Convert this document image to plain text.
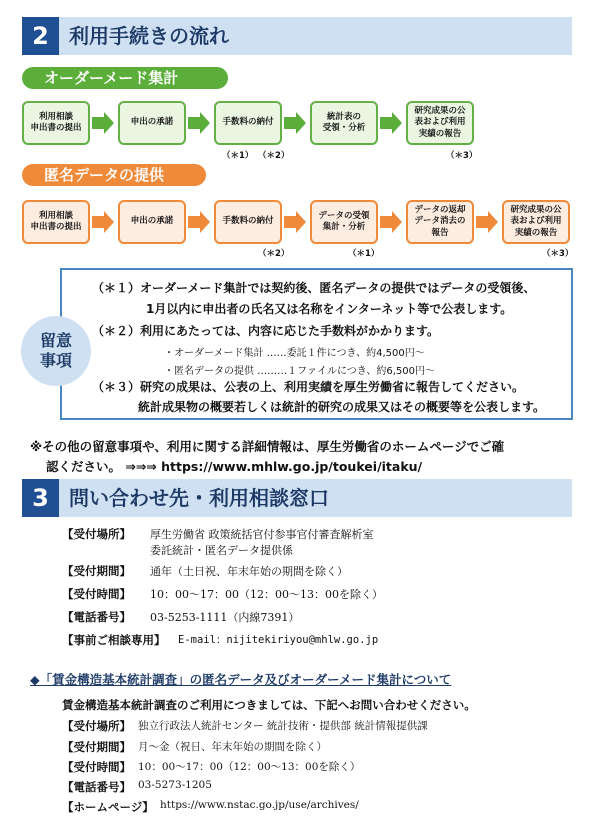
2	利用手続きの流れ
オーダーメード集計
利用相談
申出書の提出
申出の承諾	手数料の納付
統計表の
受領・分析
研究成果の公
表および利用
実績の報告
（＊1） （＊2）	（＊3）
匿名データの提供
利用相談
申出書の提出
申出の承諾	手数料の納付
データの受領
集計・分析
データの返却
データ消去の
報告
研究成果の公
表および利用
実績の報告
（＊2）	（＊1）	（＊3）
留意
事項
（＊１）オーダーメード集計では契約後、匿名データの提供ではデータの受領後、
1月以内に申出者の氏名又は名称をインターネット等で公表します。
（＊２）利用にあたっては、内容に応じた手数料がかかります。
・オーダーメード集計 ……委託１件につき、約4,500円～
・匿名データの提供 ………１ファイルにつき、約6,500円～
（＊３）研究の成果は、公表の上、利用実績を厚生労働省に報告してください。
統計成果物の概要若しくは統計的研究の成果又はその概要等を公表します。
※その他の留意事項や、利用に関する詳細情報は、厚生労働省のホームページでご確
認ください。 ⇒⇒⇒ https://www.mhlw.go.jp/toukei/itaku/
3	問い合わせ先・利用相談窓口
【受付場所】 厚生労働省 政策統括官付参事官付審査解析室
委託統計・匿名データ提供係
【受付期間】 通年（土日祝、年末年始の期間を除く）
【受付時間】 10：00～17：00（12：00～13：00を除く）
【電話番号】 03-5253-1111（内線7391）
【事前ご相談専用】 E-mail：nijitekiriyou@mhlw.go.jp
◆「賃金構造基本統計調査」の匿名データ及びオーダーメード集計について
賃金構造基本統計調査のご利用につきましては、下記へお問い合わせください。
【受付場所】 独立行政法人統計センター 統計技術・提供部 統計情報提供課
【受付期間】 月～金（祝日、年末年始の期間を除く）
【受付時間】 10：00～17：00（12：00～13：00を除く）
【電話番号】 03-5273-1205
【ホームページ】 https://www.nstac.go.jp/use/archives/
